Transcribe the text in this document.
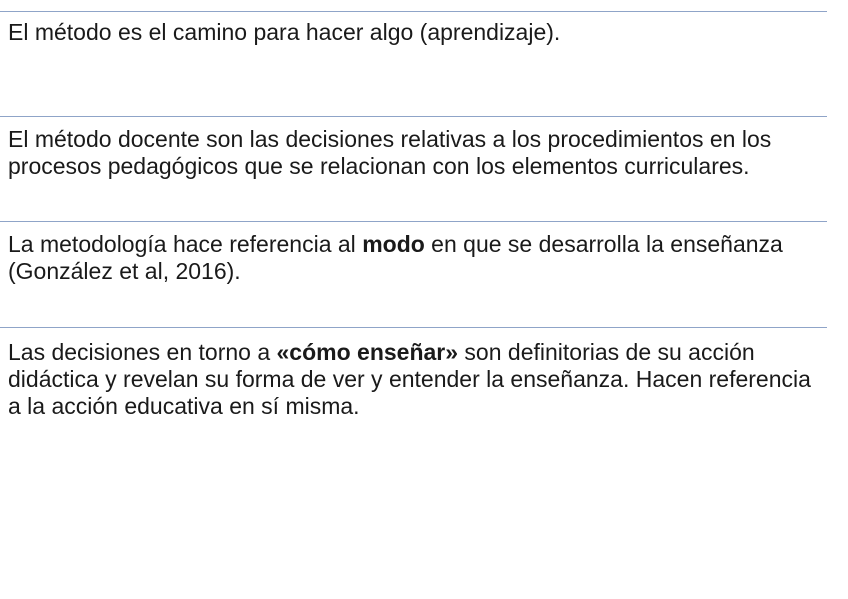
El método es el camino para hacer algo (aprendizaje).

El método docente son las decisiones relativas a los procedimientos en los procesos pedagógicos que se relacionan con los elementos curriculares.

La metodología hace referencia al modo en que se desarrolla la enseñanza (González et al, 2016).

Las decisiones en torno a «cómo enseñar» son definitorias de su acción didáctica y revelan su forma de ver y entender la enseñanza. Hacen referencia a la acción educativa en sí misma.
